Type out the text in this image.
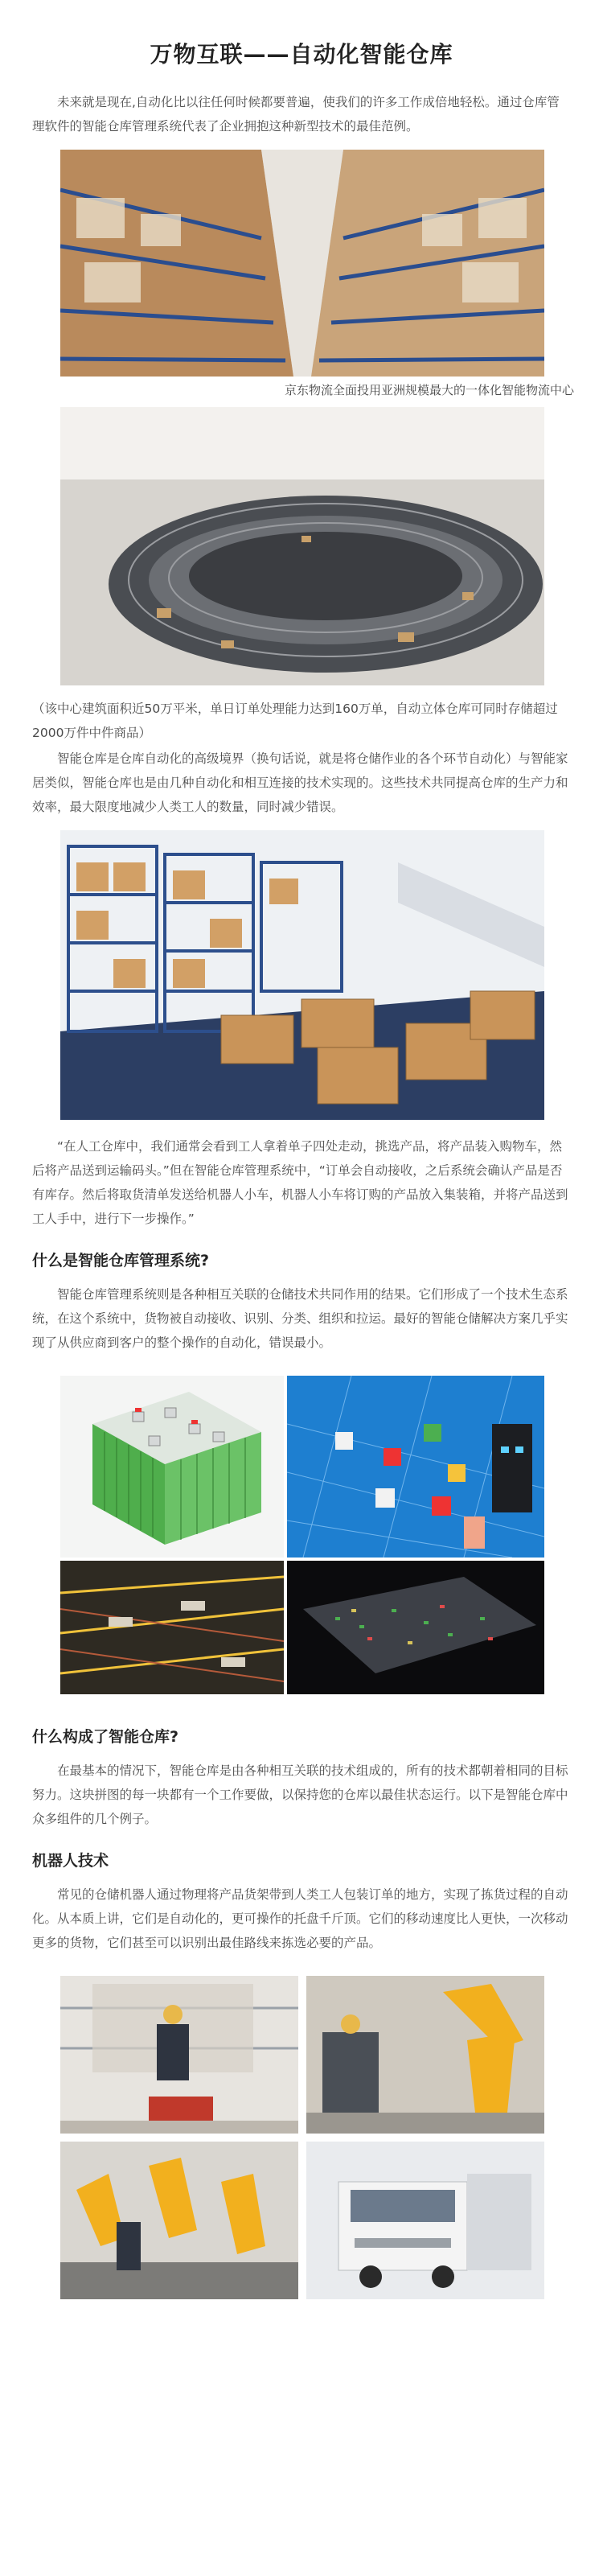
万物互联——自动化智能仓库

未来就是现在,自动化比以往任何时候都要普遍，使我们的许多工作成倍地轻松。通过仓库管理软件的智能仓库管理系统代表了企业拥抱这种新型技术的最佳范例。

京东物流全面投用亚洲规模最大的一体化智能物流中心

（该中心建筑面积近50万平米，单日订单处理能力达到160万单，自动立体仓库可同时存储超过2000万件中件商品）

智能仓库是仓库自动化的高级境界（换句话说，就是将仓储作业的各个环节自动化）与智能家居类似，智能仓库也是由几种自动化和相互连接的技术实现的。这些技术共同提高仓库的生产力和效率，最大限度地减少人类工人的数量，同时减少错误。

“在人工仓库中，我们通常会看到工人拿着单子四处走动，挑选产品，将产品装入购物车，然后将产品送到运输码头。”但在智能仓库管理系统中，“订单会自动接收，之后系统会确认产品是否有库存。然后将取货清单发送给机器人小车，机器人小车将订购的产品放入集装箱，并将产品送到工人手中，进行下一步操作。”

什么是智能仓库管理系统?

智能仓库管理系统则是各种相互关联的仓储技术共同作用的结果。它们形成了一个技术生态系统，在这个系统中，货物被自动接收、识别、分类、组织和拉运。最好的智能仓储解决方案几乎实现了从供应商到客户的整个操作的自动化，错误最小。

什么构成了智能仓库?

在最基本的情况下，智能仓库是由各种相互关联的技术组成的，所有的技术都朝着相同的目标努力。这块拼图的每一块都有一个工作要做，以保持您的仓库以最佳状态运行。以下是智能仓库中众多组件的几个例子。

机器人技术

常见的仓储机器人通过物理将产品货架带到人类工人包装订单的地方，实现了拣货过程的自动化。从本质上讲，它们是自动化的，更可操作的托盘千斤顶。它们的移动速度比人更快，一次移动更多的货物，它们甚至可以识别出最佳路线来拣选必要的产品。
